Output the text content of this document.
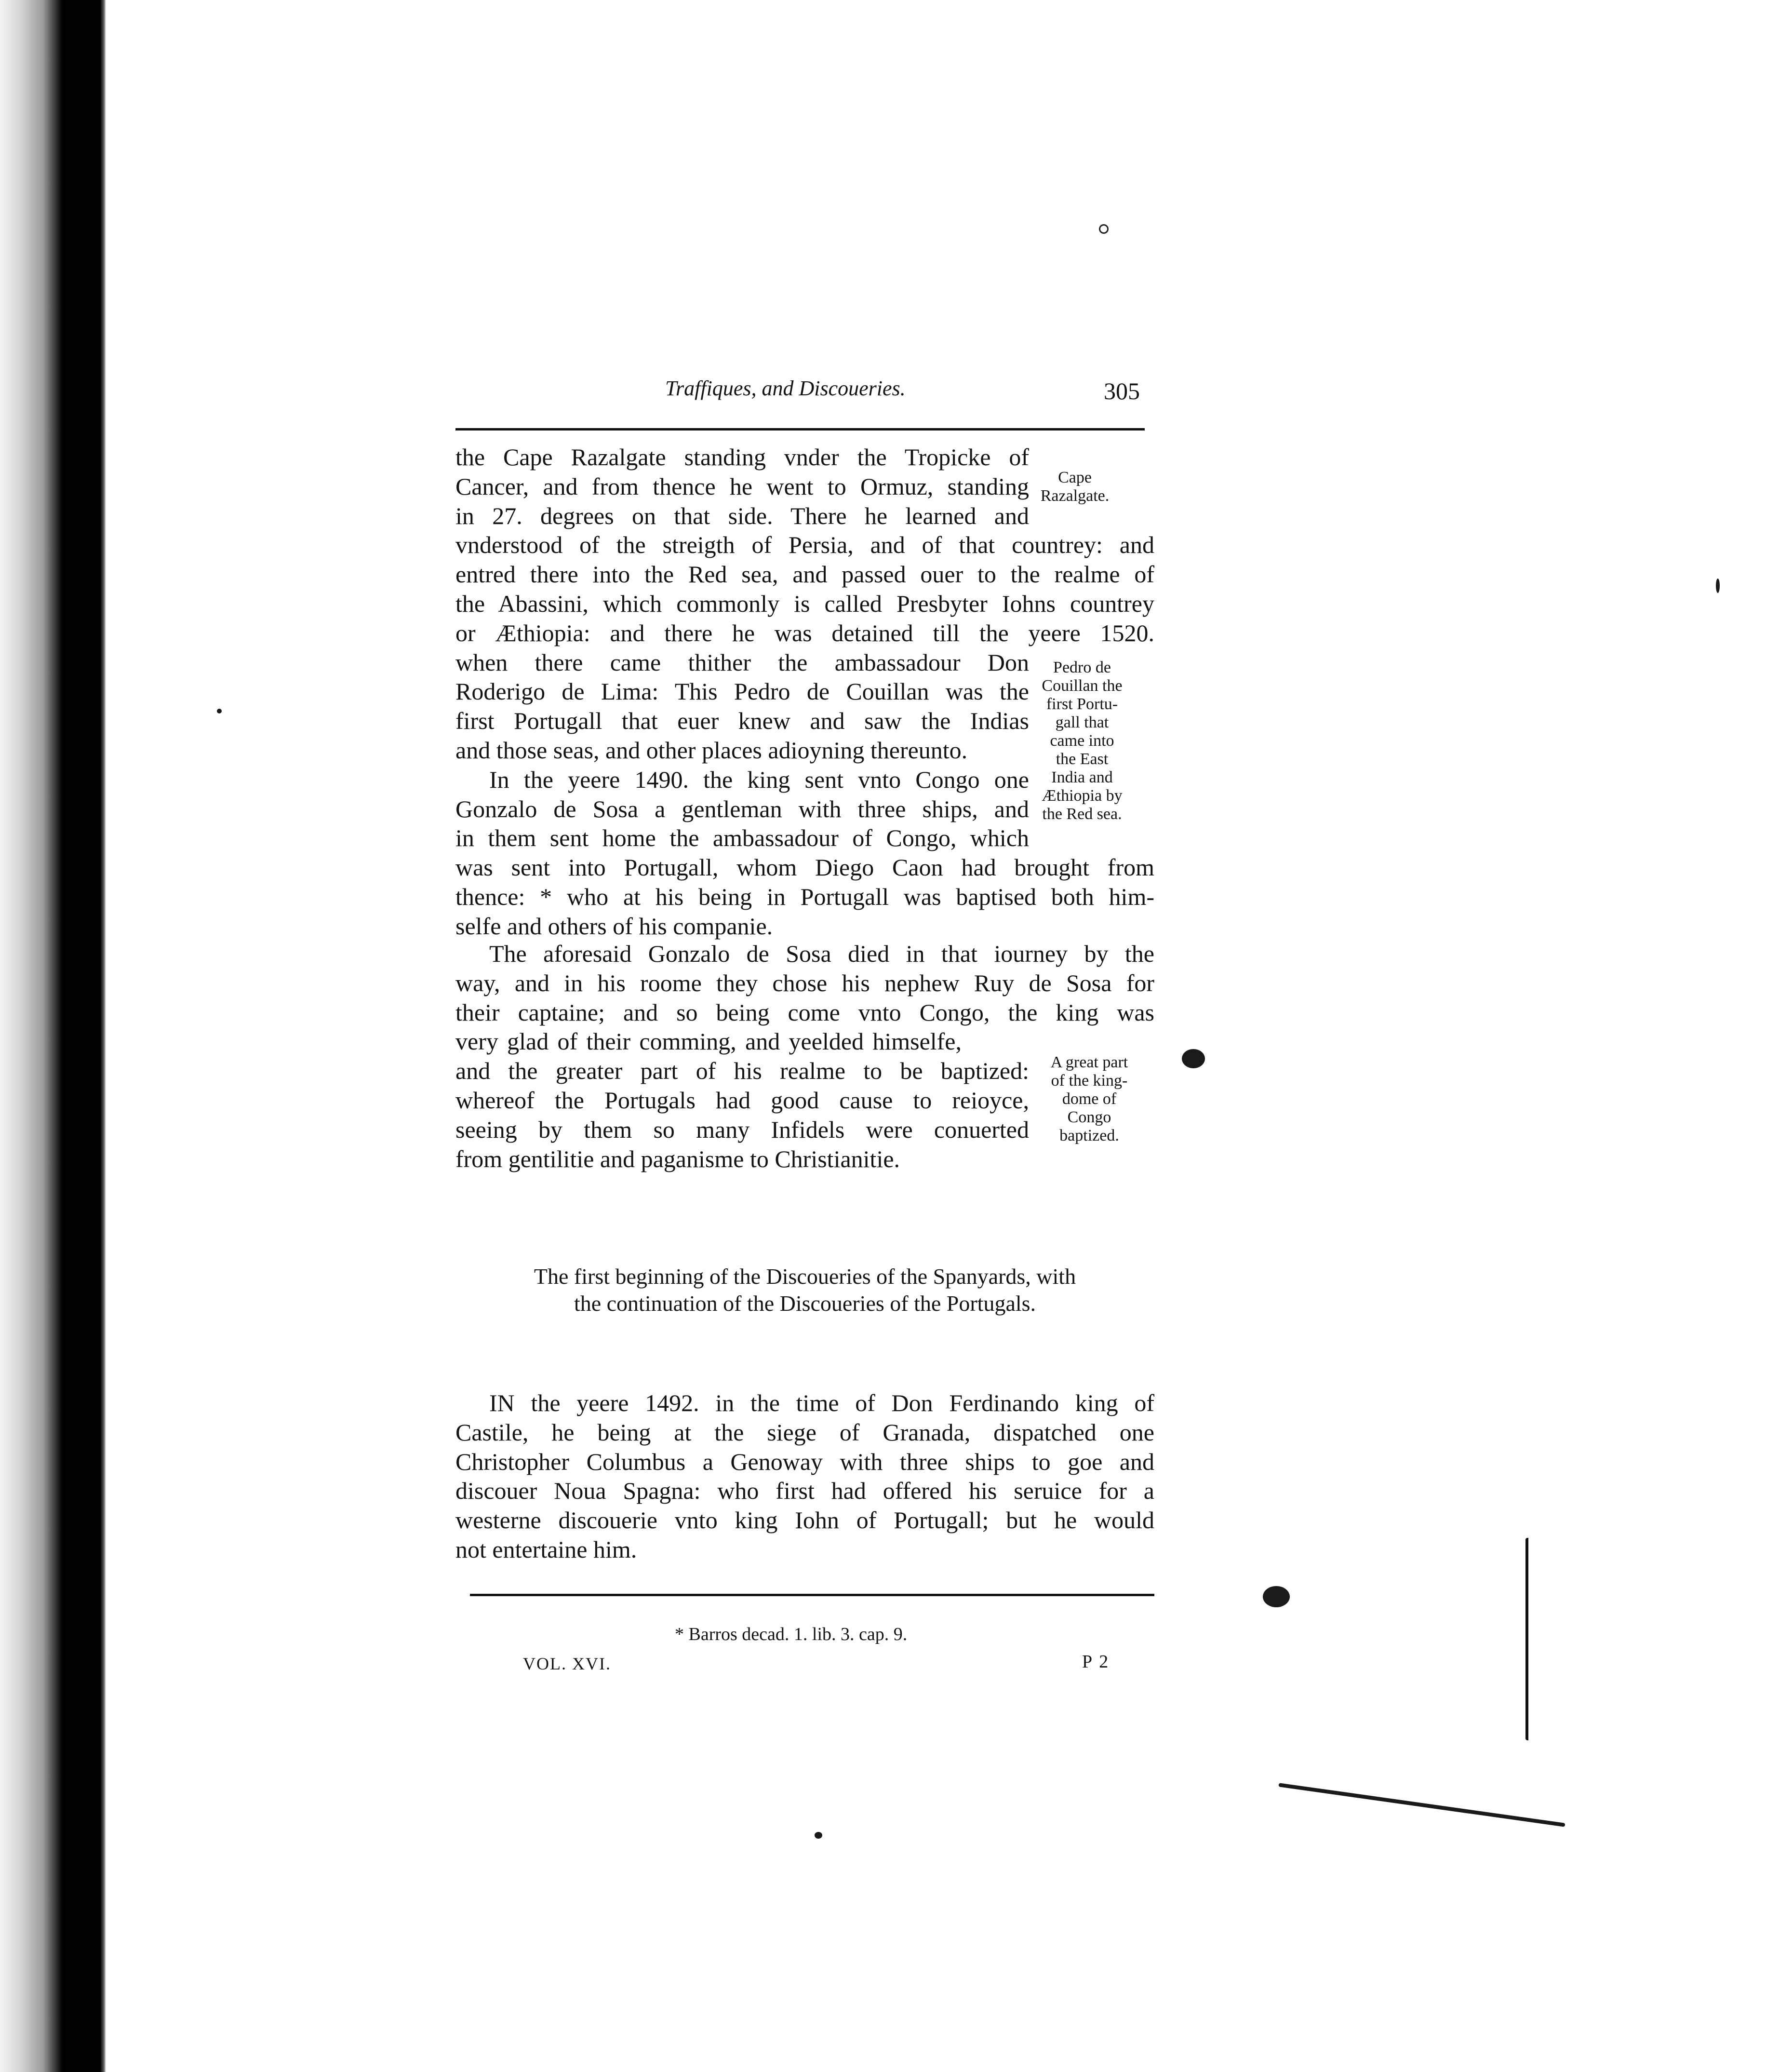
Traffiques, and Discoueries.	305
the Cape Razalgate standing vnder the Tropicke of
Cancer, and from thence he went to Ormuz, standing
in 27. degrees on that side. There he learned and
vnderstood of the streigth of Persia, and of that countrey: and
entred there into the Red sea, and passed ouer to the realme of
the Abassini, which commonly is called Presbyter Iohns countrey
or Æthiopia: and there he was detained till the yeere 1520.
when there came thither the ambassadour Don
Roderigo de Lima: This Pedro de Couillan was the
first Portugall that euer knew and saw the Indias
and those seas, and other places adioyning thereunto.
In the yeere 1490. the king sent vnto Congo one
Gonzalo de Sosa a gentleman with three ships, and
in them sent home the ambassadour of Congo, which
was sent into Portugall, whom Diego Caon had brought from
thence: * who at his being in Portugall was baptised both him-
selfe and others of his companie.
The aforesaid Gonzalo de Sosa died in that iourney by the
way, and in his roome they chose his nephew Ruy de Sosa for
their captaine; and so being come vnto Congo, the king was
very glad of their comming, and yeelded himselfe,
and the greater part of his realme to be baptized:
whereof the Portugals had good cause to reioyce,
seeing by them so many Infidels were conuerted
from gentilitie and paganisme to Christianitie.
Cape
Razalgate.
Pedro de
Couillan the
first Portu-
gall that
came into
the East
India and
Æthiopia by
the Red sea.
A great part
of the king-
dome of
Congo
baptized.
The first beginning of the Discoueries of the Spanyards, with
the continuation of the Discoueries of the Portugals.
IN the yeere 1492. in the time of Don Ferdinando king of
Castile, he being at the siege of Granada, dispatched one
Christopher Columbus a Genoway with three ships to goe and
discouer Noua Spagna: who first had offered his seruice for a
westerne discouerie vnto king Iohn of Portugall; but he would
not entertaine him.
* Barros decad. 1. lib. 3. cap. 9.
VOL. XVI.	P 2
